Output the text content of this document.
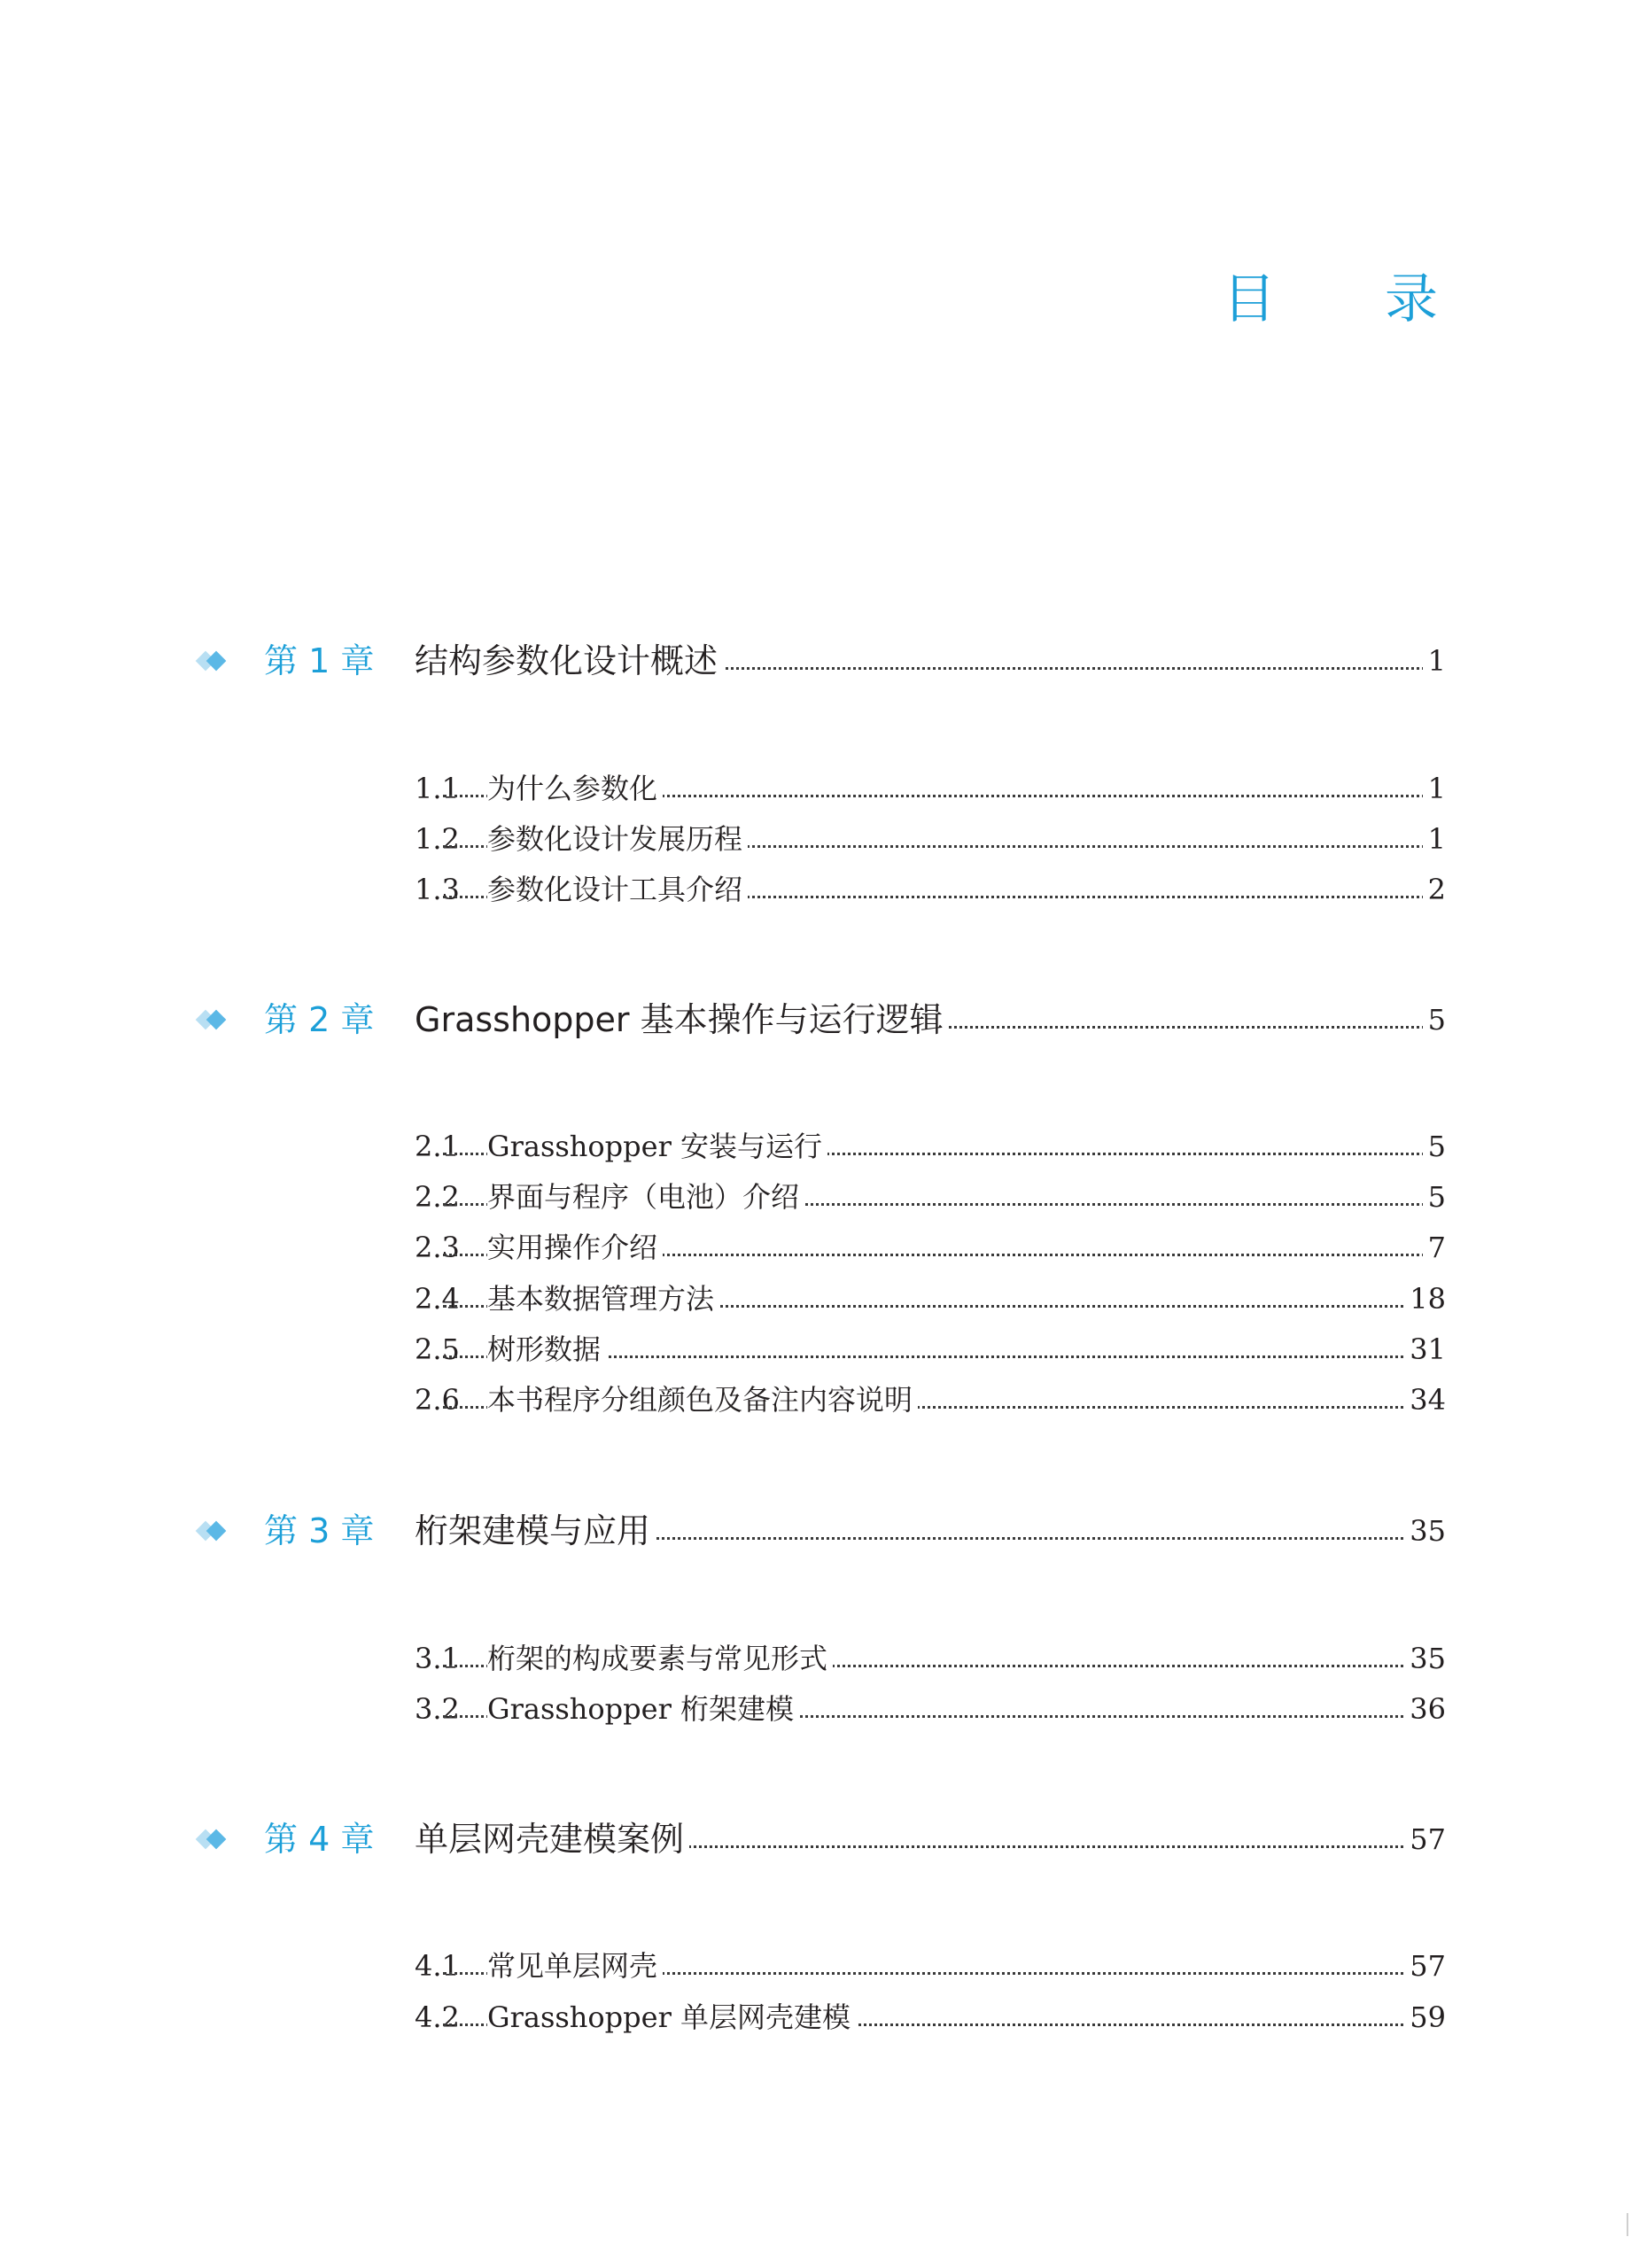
目 录
第 1 章 结构参数化设计概述	1
1.1 为什么参数化	1
1.2 参数化设计发展历程	1
1.3 参数化设计工具介绍	2
第 2 章 Grasshopper 基本操作与运行逻辑	5
2.1 Grasshopper 安装与运行	5
2.2 界面与程序（电池）介绍	5
2.3 实用操作介绍	7
2.4 基本数据管理方法	18
2.5 树形数据	31
2.6 本书程序分组颜色及备注内容说明	34
第 3 章 桁架建模与应用	35
3.1 桁架的构成要素与常见形式	35
3.2 Grasshopper 桁架建模	36
第 4 章 单层网壳建模案例	57
4.1 常见单层网壳	57
4.2 Grasshopper 单层网壳建模	59
